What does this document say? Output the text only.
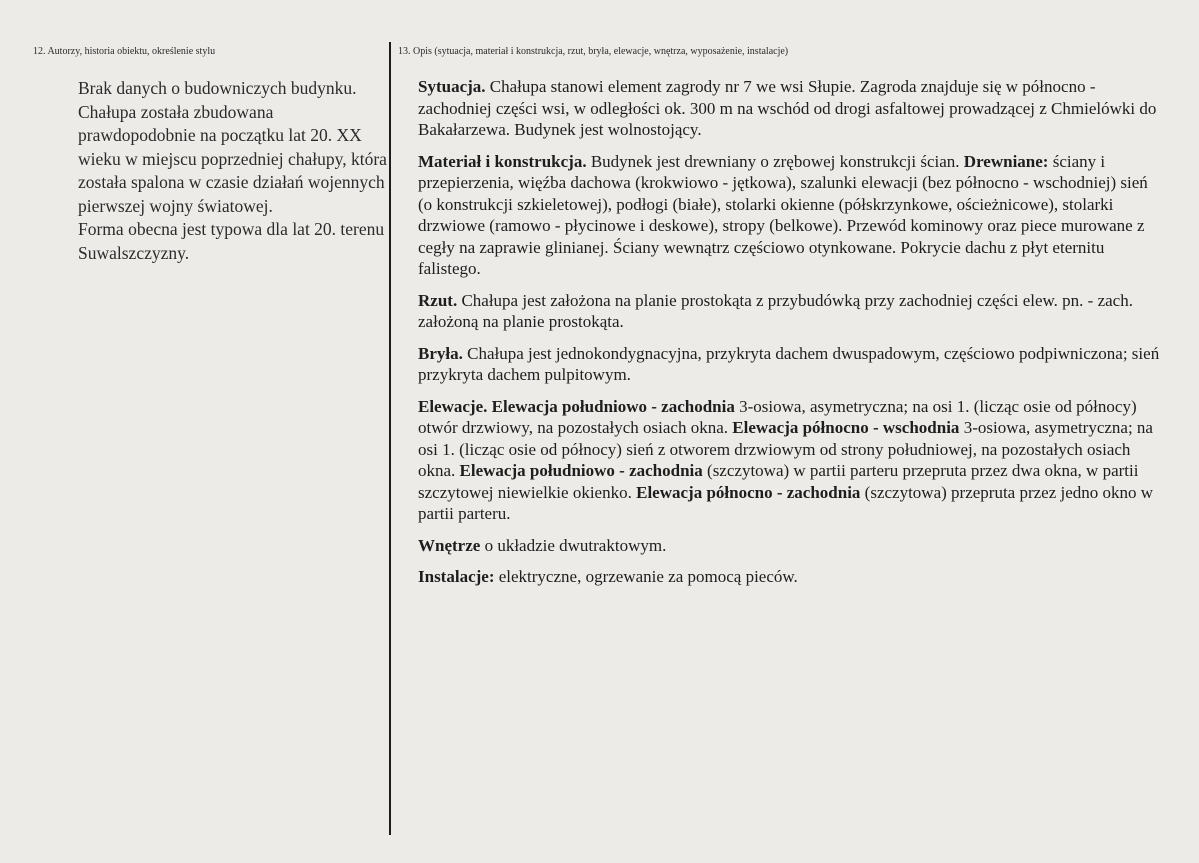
12. Autorzy, historia obiektu, określenie stylu	13. Opis (sytuacja, materiał i konstrukcja, rzut, bryła, elewacje, wnętrza, wyposażenie, instalacje)

Brak danych o budowniczych budynku. Chałupa została zbudowana prawdopodobnie na początku lat 20. XX wieku w miejscu poprzedniej chałupy, która została spalona w czasie działań wojennych pierwszej wojny światowej.

Forma obecna jest typowa dla lat 20. terenu Suwalszczyzny.

Sytuacja. Chałupa stanowi element zagrody nr 7 we wsi Słupie. Zagroda znajduje się w północno - zachodniej części wsi, w odległości ok. 300 m na wschód od drogi asfaltowej prowadzącej z Chmielówki do Bakałarzewa. Budynek jest wolnostojący.

Materiał i konstrukcja. Budynek jest drewniany o zrębowej konstrukcji ścian. Drewniane: ściany i przepierzenia, więźba dachowa (krokwiowo - jętkowa), szalunki elewacji (bez północno - wschodniej) sień (o konstrukcji szkieletowej), podłogi (białe), stolarki okienne (półskrzynkowe, ościeżnicowe), stolarki drzwiowe (ramowo - płycinowe i deskowe), stropy (belkowe). Przewód kominowy oraz piece murowane z cegły na zaprawie glinianej. Ściany wewnątrz częściowo otynkowane. Pokrycie dachu z płyt eternitu falistego.

Rzut. Chałupa jest założona na planie prostokąta z przybudówką przy zachodniej części elew. pn. - zach. założoną na planie prostokąta.

Bryła. Chałupa jest jednokondygnacyjna, przykryta dachem dwuspadowym, częściowo podpiwniczona; sień przykryta dachem pulpitowym.

Elewacje. Elewacja południowo - zachodnia 3-osiowa, asymetryczna; na osi 1. (licząc osie od północy) otwór drzwiowy, na pozostałych osiach okna. Elewacja północno - wschodnia 3-osiowa, asymetryczna; na osi 1. (licząc osie od północy) sień z otworem drzwiowym od strony południowej, na pozostałych osiach okna. Elewacja południowo - zachodnia (szczytowa) w partii parteru przepruta przez dwa okna, w partii szczytowej niewielkie okienko. Elewacja północno - zachodnia (szczytowa) przepruta przez jedno okno w partii parteru.

Wnętrze o układzie dwutraktowym.

Instalacje: elektryczne, ogrzewanie za pomocą pieców.
